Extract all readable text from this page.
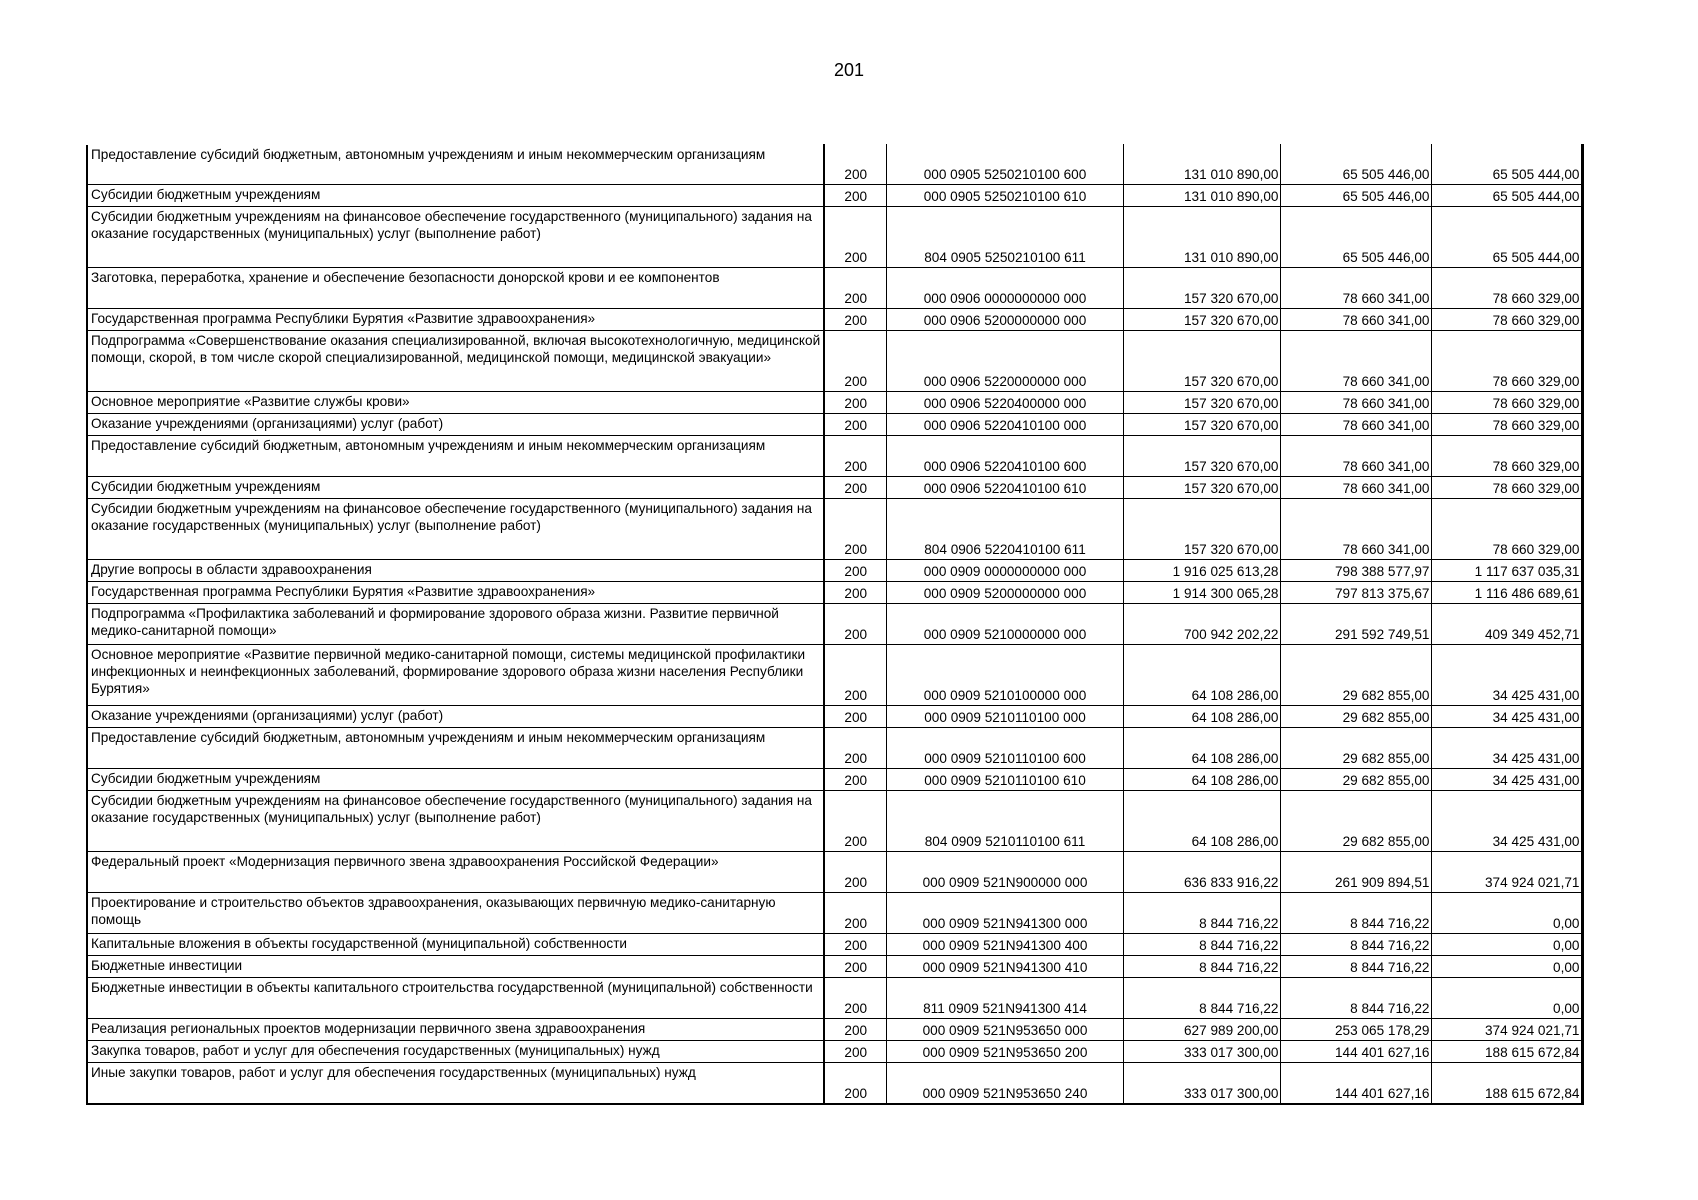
201
Предоставление субсидий бюджетным, автономным учреждениям и иным некоммерческим организациям	200	000 0905 5250210100 600	131 010 890,00	65 505 446,00	65 505 444,00
Субсидии бюджетным учреждениям	200	000 0905 5250210100 610	131 010 890,00	65 505 446,00	65 505 444,00
Субсидии бюджетным учреждениям на финансовое обеспечение государственного (муниципального) задания на оказание государственных (муниципальных) услуг (выполнение работ)	200	804 0905 5250210100 611	131 010 890,00	65 505 446,00	65 505 444,00
Заготовка, переработка, хранение и обеспечение безопасности донорской крови и ее компонентов	200	000 0906 0000000000 000	157 320 670,00	78 660 341,00	78 660 329,00
Государственная программа Республики Бурятия «Развитие здравоохранения»	200	000 0906 5200000000 000	157 320 670,00	78 660 341,00	78 660 329,00
Подпрограмма «Совершенствование оказания специализированной, включая высокотехнологичную, медицинской помощи, скорой, в том числе скорой специализированной, медицинской помощи, медицинской эвакуации»	200	000 0906 5220000000 000	157 320 670,00	78 660 341,00	78 660 329,00
Основное мероприятие «Развитие службы крови»	200	000 0906 5220400000 000	157 320 670,00	78 660 341,00	78 660 329,00
Оказание учреждениями (организациями) услуг (работ)	200	000 0906 5220410100 000	157 320 670,00	78 660 341,00	78 660 329,00
Предоставление субсидий бюджетным, автономным учреждениям и иным некоммерческим организациям	200	000 0906 5220410100 600	157 320 670,00	78 660 341,00	78 660 329,00
Субсидии бюджетным учреждениям	200	000 0906 5220410100 610	157 320 670,00	78 660 341,00	78 660 329,00
Субсидии бюджетным учреждениям на финансовое обеспечение государственного (муниципального) задания на оказание государственных (муниципальных) услуг (выполнение работ)	200	804 0906 5220410100 611	157 320 670,00	78 660 341,00	78 660 329,00
Другие вопросы в области здравоохранения	200	000 0909 0000000000 000	1 916 025 613,28	798 388 577,97	1 117 637 035,31
Государственная программа Республики Бурятия «Развитие здравоохранения»	200	000 0909 5200000000 000	1 914 300 065,28	797 813 375,67	1 116 486 689,61
Подпрограмма «Профилактика заболеваний и формирование здорового образа жизни. Развитие первичной медико-санитарной помощи»	200	000 0909 5210000000 000	700 942 202,22	291 592 749,51	409 349 452,71
Основное мероприятие «Развитие первичной медико-санитарной помощи, системы медицинской профилактики инфекционных и неинфекционных заболеваний, формирование здорового образа жизни населения Республики Бурятия»	200	000 0909 5210100000 000	64 108 286,00	29 682 855,00	34 425 431,00
Оказание учреждениями (организациями) услуг (работ)	200	000 0909 5210110100 000	64 108 286,00	29 682 855,00	34 425 431,00
Предоставление субсидий бюджетным, автономным учреждениям и иным некоммерческим организациям	200	000 0909 5210110100 600	64 108 286,00	29 682 855,00	34 425 431,00
Субсидии бюджетным учреждениям	200	000 0909 5210110100 610	64 108 286,00	29 682 855,00	34 425 431,00
Субсидии бюджетным учреждениям на финансовое обеспечение государственного (муниципального) задания на оказание государственных (муниципальных) услуг (выполнение работ)	200	804 0909 5210110100 611	64 108 286,00	29 682 855,00	34 425 431,00
Федеральный проект «Модернизация первичного звена здравоохранения Российской Федерации»	200	000 0909 521N900000 000	636 833 916,22	261 909 894,51	374 924 021,71
Проектирование и строительство объектов здравоохранения, оказывающих первичную медико-санитарную помощь	200	000 0909 521N941300 000	8 844 716,22	8 844 716,22	0,00
Капитальные вложения в объекты государственной (муниципальной) собственности	200	000 0909 521N941300 400	8 844 716,22	8 844 716,22	0,00
Бюджетные инвестиции	200	000 0909 521N941300 410	8 844 716,22	8 844 716,22	0,00
Бюджетные инвестиции в объекты капитального строительства государственной (муниципальной) собственности	200	811 0909 521N941300 414	8 844 716,22	8 844 716,22	0,00
Реализация региональных проектов модернизации первичного звена здравоохранения	200	000 0909 521N953650 000	627 989 200,00	253 065 178,29	374 924 021,71
Закупка товаров, работ и услуг для обеспечения государственных (муниципальных) нужд	200	000 0909 521N953650 200	333 017 300,00	144 401 627,16	188 615 672,84
Иные закупки товаров, работ и услуг для обеспечения государственных (муниципальных) нужд	200	000 0909 521N953650 240	333 017 300,00	144 401 627,16	188 615 672,84
